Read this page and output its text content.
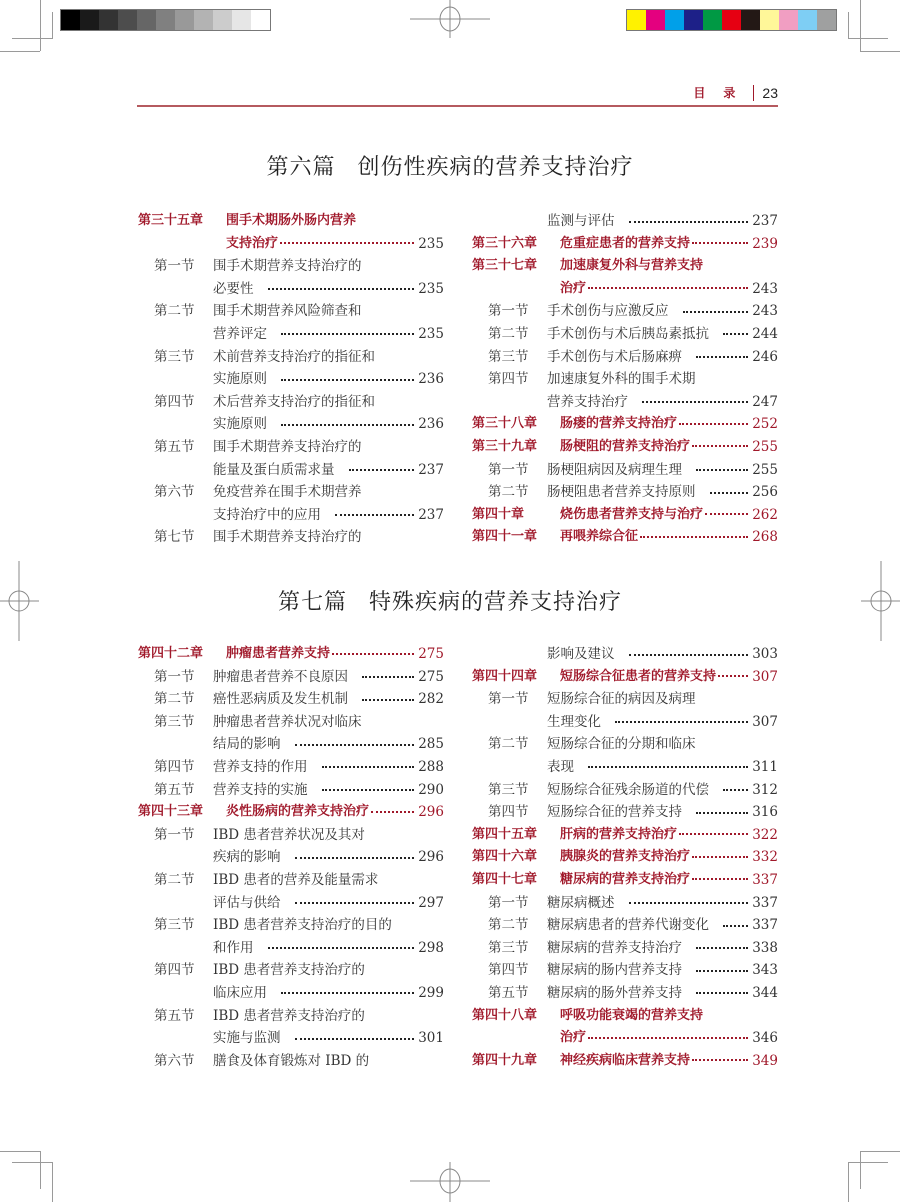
目录 23
第六篇 创伤性疾病的营养支持治疗
第三十五章 围手术期肠外肠内营养
支持治疗	235
第一节 围手术期营养支持治疗的
必要性	235
第二节 围手术期营养风险筛查和
营养评定	235
第三节 术前营养支持治疗的指征和
实施原则	236
第四节 术后营养支持治疗的指征和
实施原则	236
第五节 围手术期营养支持治疗的
能量及蛋白质需求量	237
第六节 免疫营养在围手术期营养
支持治疗中的应用	237
第七节 围手术期营养支持治疗的
监测与评估	237
第三十六章 危重症患者的营养支持	239
第三十七章 加速康复外科与营养支持
治疗	243
第一节 手术创伤与应激反应	243
第二节 手术创伤与术后胰岛素抵抗	244
第三节 手术创伤与术后肠麻痹	246
第四节 加速康复外科的围手术期
营养支持治疗	247
第三十八章 肠瘘的营养支持治疗	252
第三十九章 肠梗阻的营养支持治疗	255
第一节 肠梗阻病因及病理生理	255
第二节 肠梗阻患者营养支持原则	256
第四十章	烧伤患者营养支持与治疗	262
第四十一章 再喂养综合征	268
第七篇 特殊疾病的营养支持治疗
第四十二章 肿瘤患者营养支持	275
第一节 肿瘤患者营养不良原因	275
第二节 癌性恶病质及发生机制	282
第三节 肿瘤患者营养状况对临床
结局的影响	285
第四节 营养支持的作用	288
第五节 营养支持的实施	290
第四十三章 炎性肠病的营养支持治疗	296
第一节 IBD 患者营养状况及其对
疾病的影响	296
第二节 IBD 患者的营养及能量需求
评估与供给	297
第三节 IBD 患者营养支持治疗的目的
和作用	298
第四节 IBD 患者营养支持治疗的
临床应用	299
第五节 IBD 患者营养支持治疗的
实施与监测	301
第六节 膳食及体育锻炼对 IBD 的
影响及建议	303
第四十四章 短肠综合征患者的营养支持	307
第一节 短肠综合征的病因及病理
生理变化	307
第二节 短肠综合征的分期和临床
表现	311
第三节 短肠综合征残余肠道的代偿	312
第四节 短肠综合征的营养支持	316
第四十五章 肝病的营养支持治疗	322
第四十六章 胰腺炎的营养支持治疗	332
第四十七章 糖尿病的营养支持治疗	337
第一节 糖尿病概述	337
第二节 糖尿病患者的营养代谢变化	337
第三节 糖尿病的营养支持治疗	338
第四节 糖尿病的肠内营养支持	343
第五节 糖尿病的肠外营养支持	344
第四十八章 呼吸功能衰竭的营养支持
治疗	346
第四十九章 神经疾病临床营养支持	349
